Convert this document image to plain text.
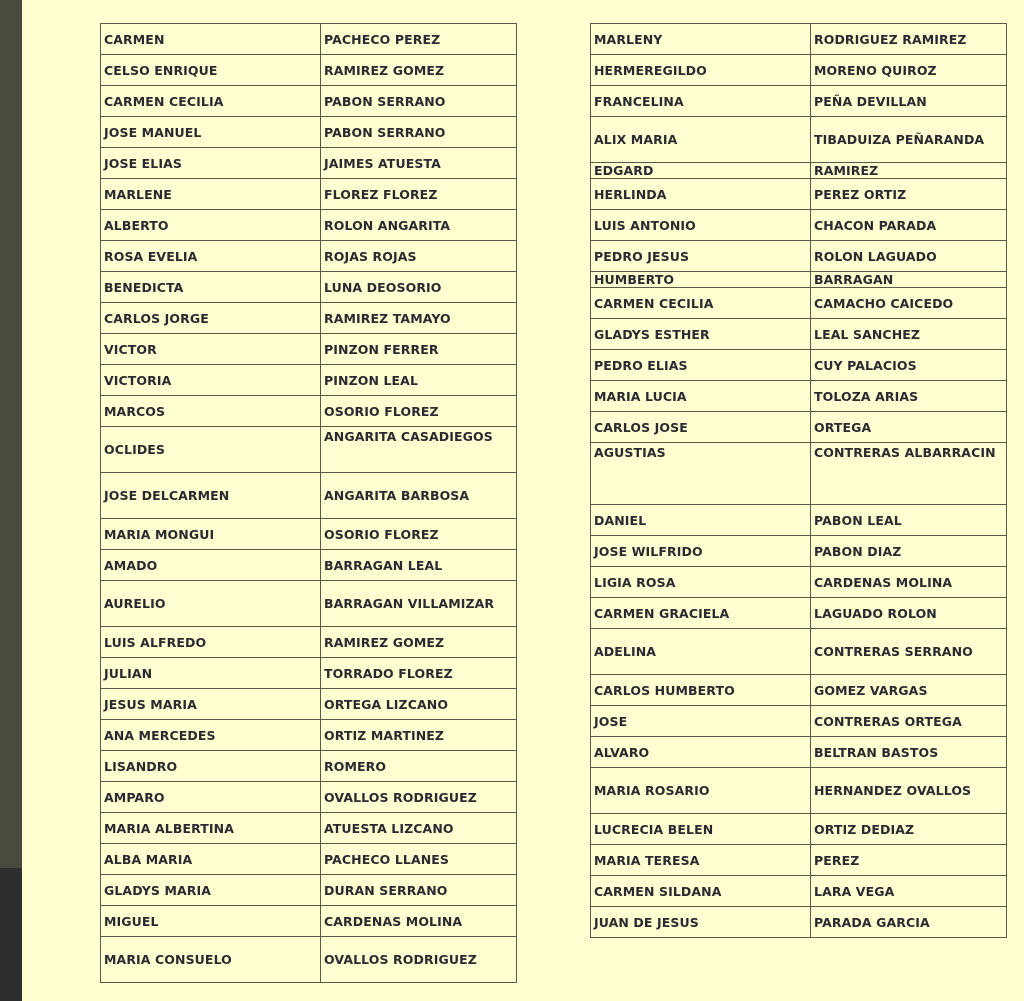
CARMEN	PACHECO PEREZ
CELSO ENRIQUE	RAMIREZ GOMEZ
CARMEN CECILIA	PABON SERRANO
JOSE MANUEL	PABON SERRANO
JOSE ELIAS	JAIMES ATUESTA
MARLENE	FLOREZ FLOREZ
ALBERTO	ROLON ANGARITA
ROSA EVELIA	ROJAS ROJAS
BENEDICTA	LUNA DEOSORIO
CARLOS JORGE	RAMIREZ TAMAYO
VICTOR	PINZON FERRER
VICTORIA	PINZON LEAL
MARCOS	OSORIO FLOREZ
OCLIDES	ANGARITA CASADIEGOS
JOSE DELCARMEN	ANGARITA BARBOSA
MARIA MONGUI	OSORIO FLOREZ
AMADO	BARRAGAN LEAL
AURELIO	BARRAGAN VILLAMIZAR
LUIS ALFREDO	RAMIREZ GOMEZ
JULIAN	TORRADO FLOREZ
JESUS MARIA	ORTEGA LIZCANO
ANA MERCEDES	ORTIZ MARTINEZ
LISANDRO	ROMERO
AMPARO	OVALLOS RODRIGUEZ
MARIA ALBERTINA	ATUESTA LIZCANO
ALBA MARIA	PACHECO LLANES
GLADYS MARIA	DURAN SERRANO
MIGUEL	CARDENAS MOLINA
MARIA CONSUELO	OVALLOS RODRIGUEZ
MARLENY	RODRIGUEZ RAMIREZ
HERMEREGILDO	MORENO QUIROZ
FRANCELINA	PEÑA DEVILLAN
ALIX MARIA	TIBADUIZA PEÑARANDA
EDGARD	RAMIREZ
HERLINDA	PEREZ ORTIZ
LUIS ANTONIO	CHACON PARADA
PEDRO JESUS	ROLON LAGUADO
HUMBERTO	BARRAGAN
CARMEN CECILIA	CAMACHO CAICEDO
GLADYS ESTHER	LEAL SANCHEZ
PEDRO ELIAS	CUY PALACIOS
MARIA LUCIA	TOLOZA ARIAS
CARLOS JOSE	ORTEGA
AGUSTIAS	CONTRERAS ALBARRACIN
DANIEL	PABON LEAL
JOSE WILFRIDO	PABON DIAZ
LIGIA ROSA	CARDENAS MOLINA
CARMEN GRACIELA	LAGUADO ROLON
ADELINA	CONTRERAS SERRANO
CARLOS HUMBERTO	GOMEZ VARGAS
JOSE	CONTRERAS ORTEGA
ALVARO	BELTRAN BASTOS
MARIA ROSARIO	HERNANDEZ OVALLOS
LUCRECIA BELEN	ORTIZ DEDIAZ
MARIA TERESA	PEREZ
CARMEN SILDANA	LARA VEGA
JUAN DE JESUS	PARADA GARCIA
